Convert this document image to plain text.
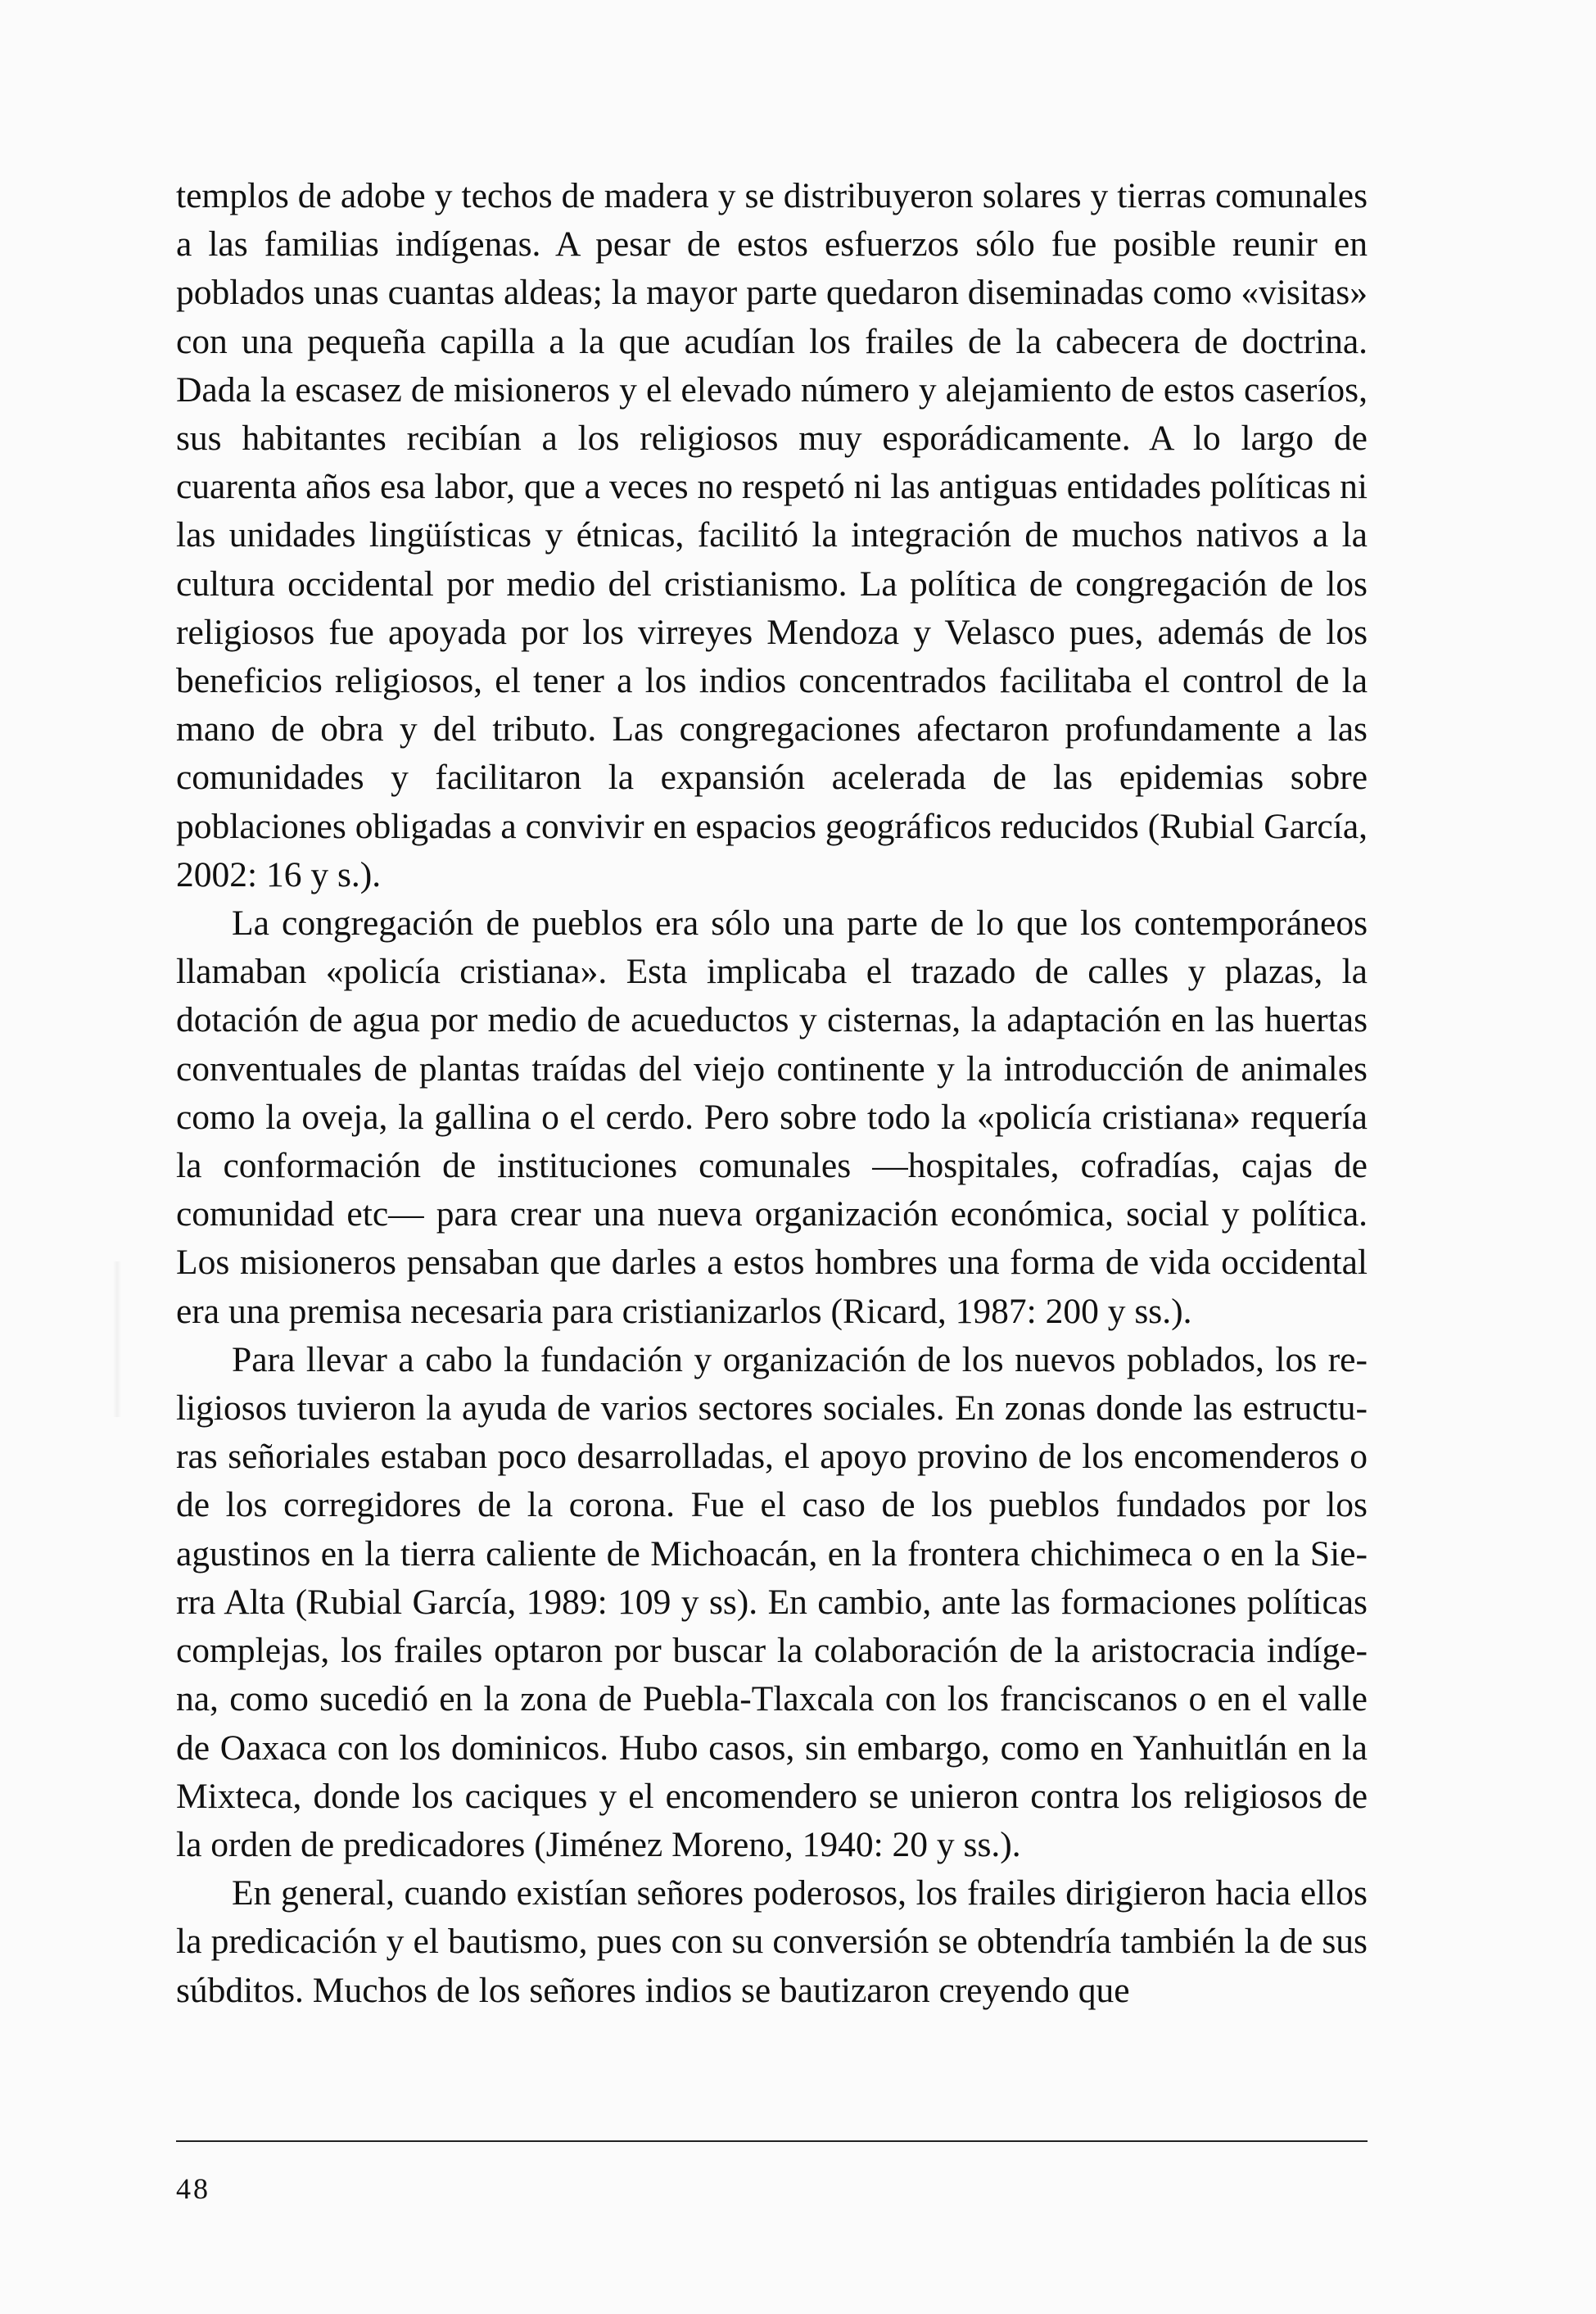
templos de adobe y techos de madera y se distribuyeron solares y tierras comunales a las familias indígenas. A pesar de estos esfuerzos sólo fue posible reunir en poblados unas cuantas aldeas; la mayor parte quedaron diseminadas como «visitas» con una pequeña capilla a la que acudían los frailes de la cabecera de doctrina. Dada la escasez de misioneros y el elevado número y alejamiento de estos caseríos, sus habitantes recibían a los religiosos muy esporádicamente. A lo largo de cuarenta años esa labor, que a veces no respetó ni las antiguas entidades políticas ni las unidades lingüísticas y étnicas, facilitó la integración de muchos nativos a la cultura occidental por medio del cristianismo. La política de congregación de los religiosos fue apoyada por los virreyes Mendoza y Velasco pues, además de los beneficios religiosos, el tener a los indios concentrados facilitaba el control de la mano de obra y del tributo. Las congregaciones afectaron profundamente a las comunidades y facilitaron la expansión acelerada de las epidemias sobre poblaciones obligadas a convivir en espacios geográficos reducidos (Rubial García, 2002: 16 y s.).

La congregación de pueblos era sólo una parte de lo que los contemporáneos llamaban «policía cristiana». Esta implicaba el trazado de calles y plazas, la dotación de agua por medio de acueductos y cisternas, la adaptación en las huertas conventuales de plantas traídas del viejo continente y la introducción de animales como la oveja, la gallina o el cerdo. Pero sobre todo la «policía cristiana» requería la conformación de instituciones comunales —hospitales, cofradías, cajas de comunidad etc— para crear una nueva organización económica, social y política. Los misioneros pensaban que darles a estos hombres una forma de vida occidental era una premisa necesaria para cristianizarlos (Ricard, 1987: 200 y ss.).

Para llevar a cabo la fundación y organización de los nuevos poblados, los religiosos tuvieron la ayuda de varios sectores sociales. En zonas donde las estructuras señoriales estaban poco desarrolladas, el apoyo provino de los encomenderos o de los corregidores de la corona. Fue el caso de los pueblos fundados por los agustinos en la tierra caliente de Michoacán, en la frontera chichimeca o en la Sierra Alta (Rubial García, 1989: 109 y ss). En cambio, ante las formaciones políticas complejas, los frailes optaron por buscar la colaboración de la aristocracia indígena, como sucedió en la zona de Puebla-Tlaxcala con los franciscanos o en el valle de Oaxaca con los dominicos. Hubo casos, sin embargo, como en Yanhuitlán en la Mixteca, donde los caciques y el encomendero se unieron contra los religiosos de la orden de predicadores (Jiménez Moreno, 1940: 20 y ss.).

En general, cuando existían señores poderosos, los frailes dirigieron hacia ellos la predicación y el bautismo, pues con su conversión se obtendría también la de sus súbditos. Muchos de los señores indios se bautizaron creyendo que

48
